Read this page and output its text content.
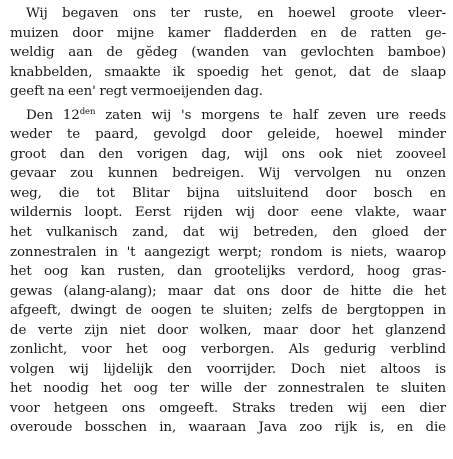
Wij begaven ons ter ruste, en hoewel groote vleer-
muizen door mijne kamer fladderden en de ratten ge-
weldig aan de gĕdeg (wanden van gevlochten bamboe)
knabbelden, smaakte ik spoedig het genot, dat de slaap
geeft na een' regt vermoeijenden dag.
Den $12^{den}$ zaten wij 's morgens te half zeven ure reeds
weder te paard, gevolgd door geleide, hoewel minder
groot dan den vorigen dag, wijl ons ook niet zooveel
gevaar zou kunnen bedreigen. Wij vervolgen nu onzen
weg, die tot Blitar bijna uitsluitend door bosch en
wildernis loopt. Eerst rijden wij door eene vlakte, waar
het vulkanisch zand, dat wij betreden, den gloed der
zonnestralen in 't aangezigt werpt; rondom is niets, waarop
het oog kan rusten, dan grootelijks verdord, hoog gras-
gewas (alang-alang); maar dat ons door de hitte die het
afgeeft, dwingt de oogen te sluiten; zelfs de bergtoppen in
de verte zijn niet door wolken, maar door het glanzend
zonlicht, voor het oog verborgen. Als gedurig verblind
volgen wij lijdelijk den voorrijder. Doch niet altoos is
het noodig het oog ter wille der zonnestralen te sluiten
voor hetgeen ons omgeeft. Straks treden wij een dier
overoude bosschen in, waaraan Java zoo rijk is, en die
